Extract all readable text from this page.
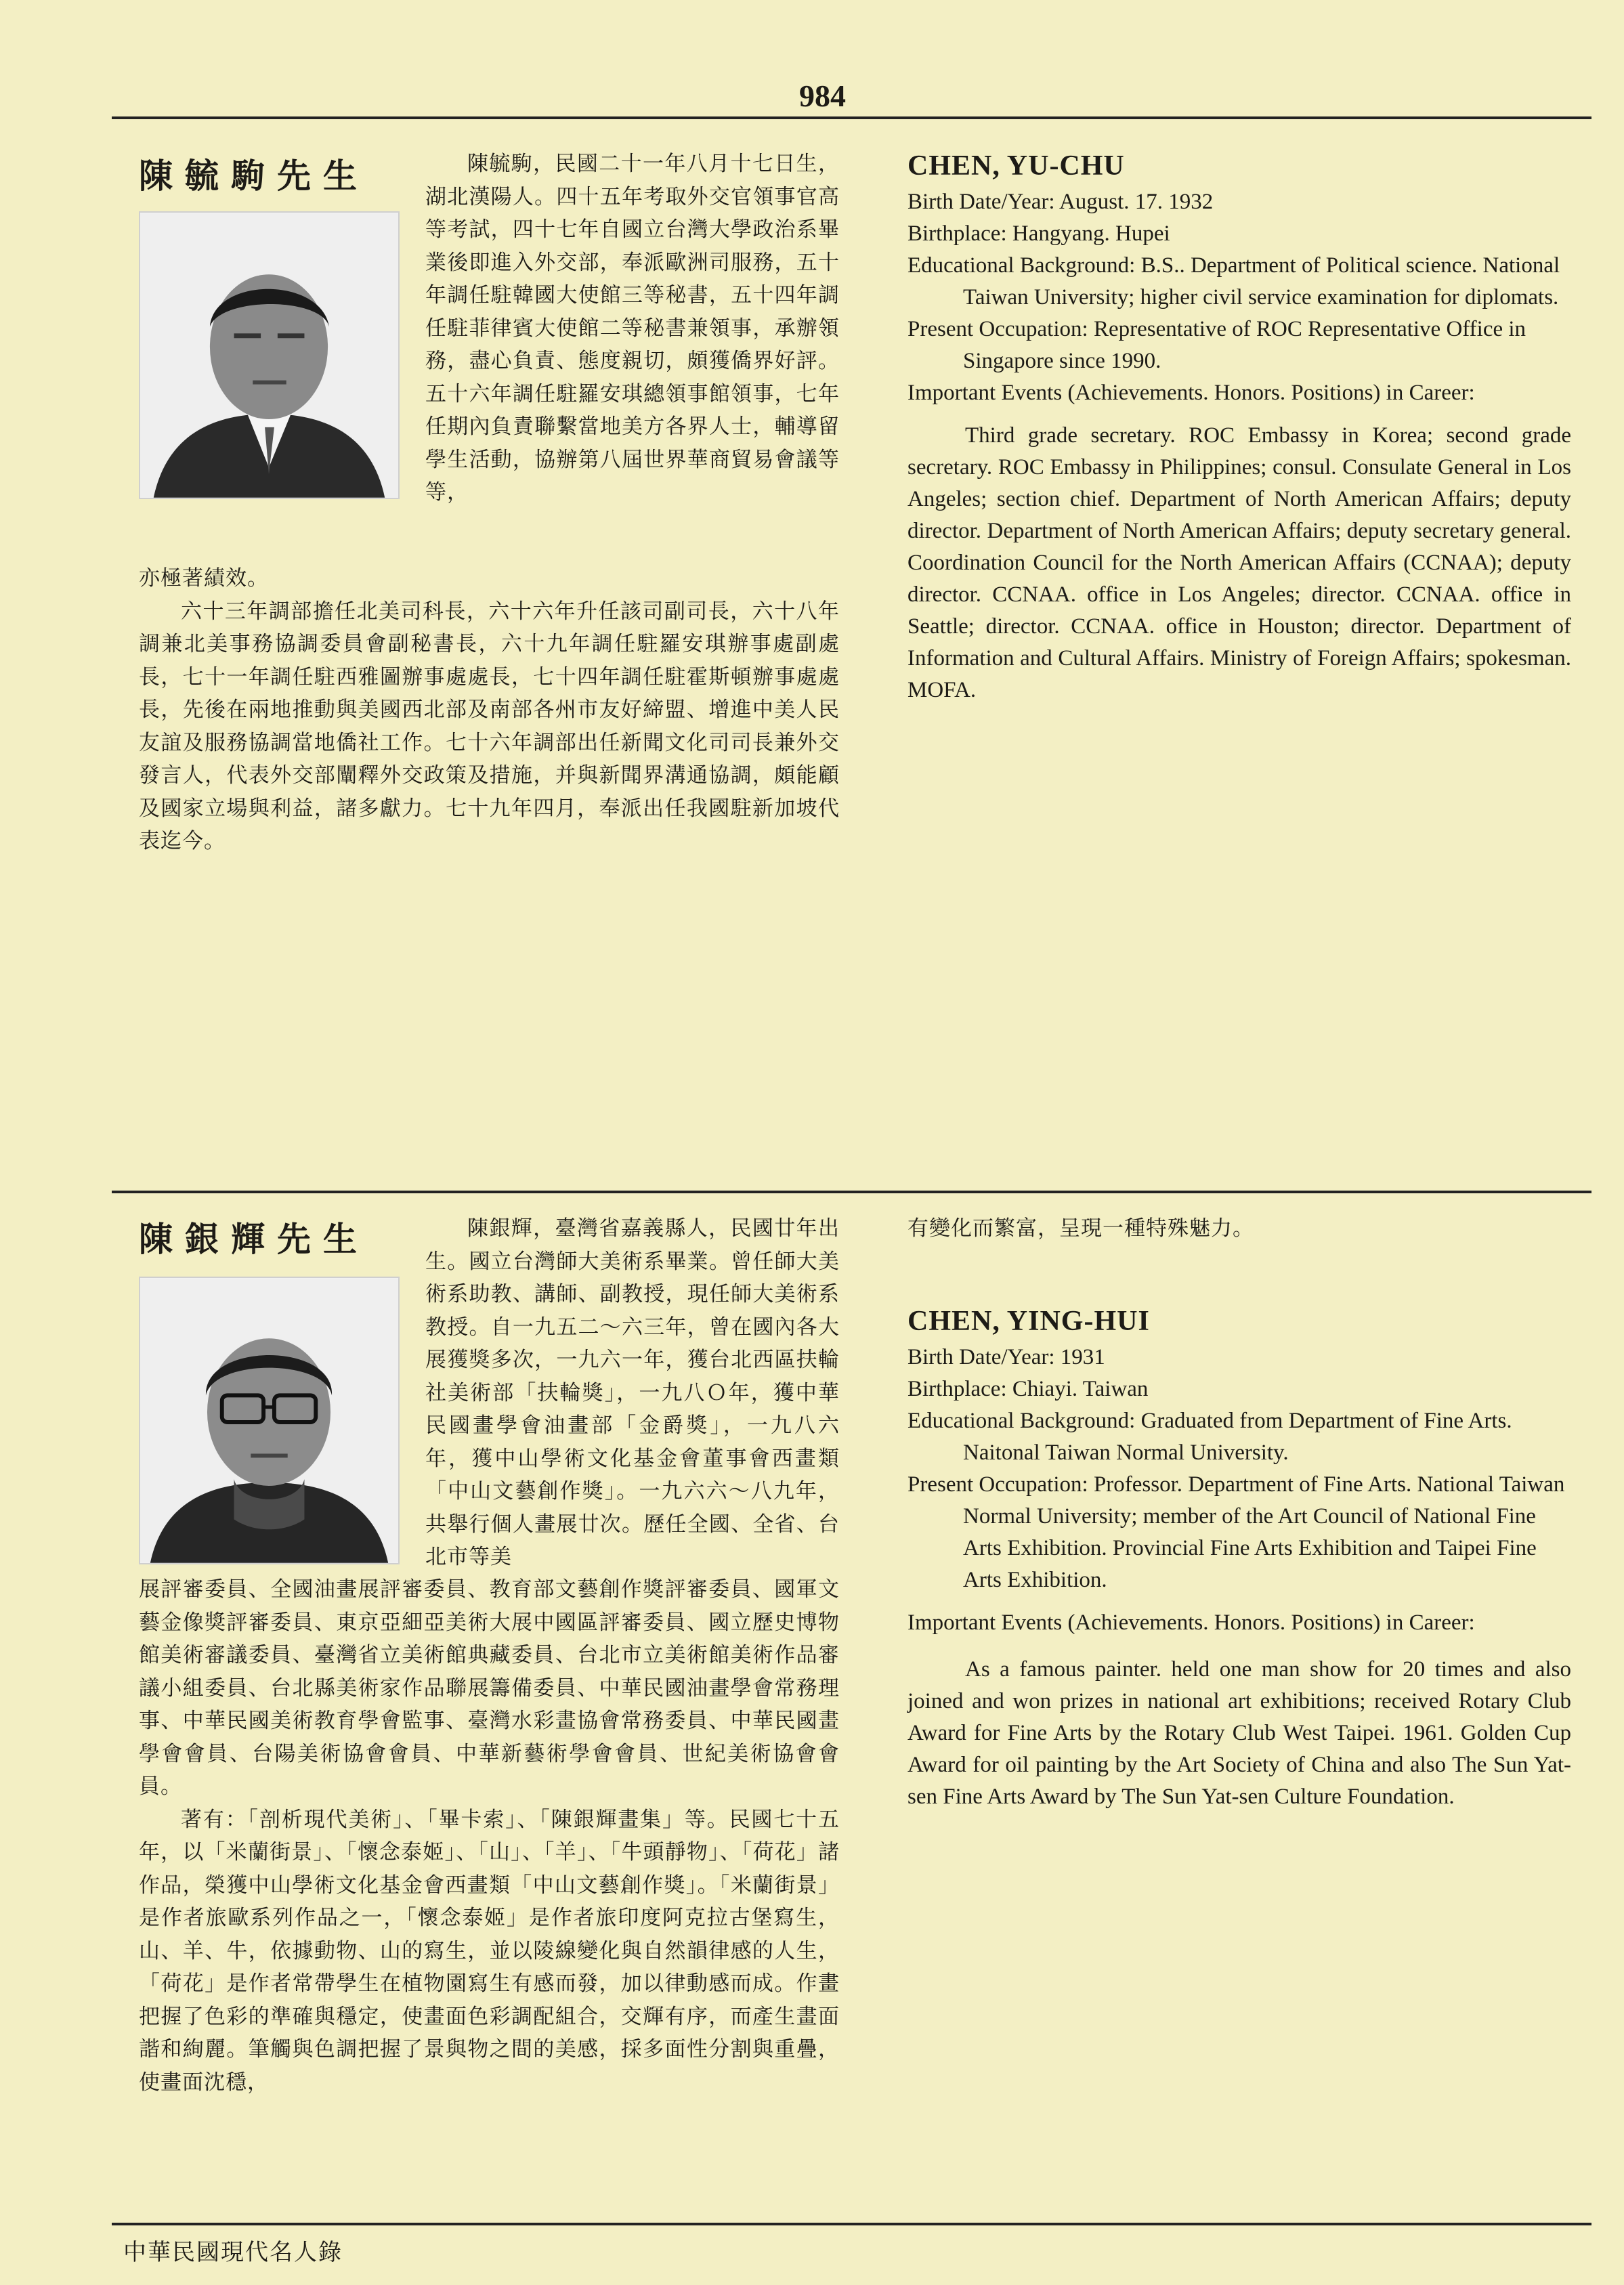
984
陳毓駒先生	陳毓駒，民國二十一年八月十七日生，湖北漢陽人。四十五年考取外交官領事官高等考試，四十七年自國立台灣大學政治系畢業後即進入外交部，奉派歐洲司服務，五十年調任駐韓國大使館三等秘書，五十四年調任駐菲律賓大使館二等秘書兼領事，承辦領務，盡心負責、態度親切，頗獲僑界好評。五十六年調任駐羅安琪總領事館領事，七年任期內負責聯繫當地美方各界人士，輔導留學生活動，協辦第八屆世界華商貿易會議等等，

亦極著績效。

六十三年調部擔任北美司科長，六十六年升任該司副司長，六十八年調兼北美事務協調委員會副秘書長，六十九年調任駐羅安琪辦事處副處長，七十一年調任駐西雅圖辦事處處長，七十四年調任駐霍斯頓辦事處處長，先後在兩地推動與美國西北部及南部各州市友好締盟、增進中美人民友誼及服務協調當地僑社工作。七十六年調部出任新聞文化司司長兼外交發言人，代表外交部闡釋外交政策及措施，并與新聞界溝通協調，頗能顧及國家立場與利益，諸多獻力。七十九年四月，奉派出任我國駐新加坡代表迄今。

CHEN, YU-CHU
Birth Date/Year: August. 17. 1932
Birthplace: Hangyang. Hupei
Educational Background: B.S.. Department of Political science. National Taiwan University; higher civil service examination for diplomats.
Present Occupation: Representative of ROC Representative Office in Singapore since 1990.
Important Events (Achievements. Honors. Positions) in Career:
Third grade secretary. ROC Embassy in Korea; second grade secretary. ROC Embassy in Philippines; consul. Consulate General in Los Angeles; section chief. Department of North American Affairs; deputy director. Department of North American Affairs; deputy secretary general. Coordination Council for the North American Affairs (CCNAA); deputy director. CCNAA. office in Los Angeles; director. CCNAA. office in Seattle; director. CCNAA. office in Houston; director. Department of Information and Cultural Affairs. Ministry of Foreign Affairs; spokesman. MOFA.
陳銀輝先生	陳銀輝，臺灣省嘉義縣人，民國廿年出生。國立台灣師大美術系畢業。曾任師大美術系助教、講師、副教授，現任師大美術系教授。自一九五二～六三年，曾在國內各大展獲獎多次，一九六一年，獲台北西區扶輪社美術部「扶輪獎」，一九八Ｏ年，獲中華民國畫學會油畫部「金爵獎」，一九八六年，獲中山學術文化基金會董事會西畫類「中山文藝創作獎」。一九六六～八九年，共舉行個人畫展廿次。歷任全國、全省、台北市等美

展評審委員、全國油畫展評審委員、教育部文藝創作獎評審委員、國軍文藝金像獎評審委員、東京亞細亞美術大展中國區評審委員、國立歷史博物館美術審議委員、臺灣省立美術館典藏委員、台北市立美術館美術作品審議小組委員、台北縣美術家作品聯展籌備委員、中華民國油畫學會常務理事、中華民國美術教育學會監事、臺灣水彩畫協會常務委員、中華民國畫學會會員、台陽美術協會會員、中華新藝術學會會員、世紀美術協會會員。

著有：「剖析現代美術」、「畢卡索」、「陳銀輝畫集」等。民國七十五年，以「米蘭街景」、「懷念泰姬」、「山」、「羊」、「牛頭靜物」、「荷花」諸作品，榮獲中山學術文化基金會西畫類「中山文藝創作獎」。「米蘭街景」是作者旅歐系列作品之一，「懷念泰姬」是作者旅印度阿克拉古堡寫生，山、羊、牛，依據動物、山的寫生，並以陵線變化與自然韻律感的人生，「荷花」是作者常帶學生在植物園寫生有感而發，加以律動感而成。作畫把握了色彩的準確與穩定，使畫面色彩調配組合，交輝有序，而產生畫面諧和絢麗。筆觸與色調把握了景與物之間的美感，採多面性分割與重疊，使畫面沈穩，

有變化而繁富，呈現一種特殊魅力。
CHEN, YING-HUI
Birth Date/Year: 1931
Birthplace: Chiayi. Taiwan
Educational Background: Graduated from Department of Fine Arts. Naitonal Taiwan Normal University.
Present Occupation: Professor. Department of Fine Arts. National Taiwan Normal University; member of the Art Council of National Fine Arts Exhibition. Provincial Fine Arts Exhibition and Taipei Fine Arts Exhibition.
Important Events (Achievements. Honors. Positions) in Career:
As a famous painter. held one man show for 20 times and also joined and won prizes in national art exhibitions; received Rotary Club Award for Fine Arts by the Rotary Club West Taipei. 1961. Golden Cup Award for oil painting by the Art Society of China and also The Sun Yat-sen Fine Arts Award by The Sun Yat-sen Culture Foundation.
中華民國現代名人錄
